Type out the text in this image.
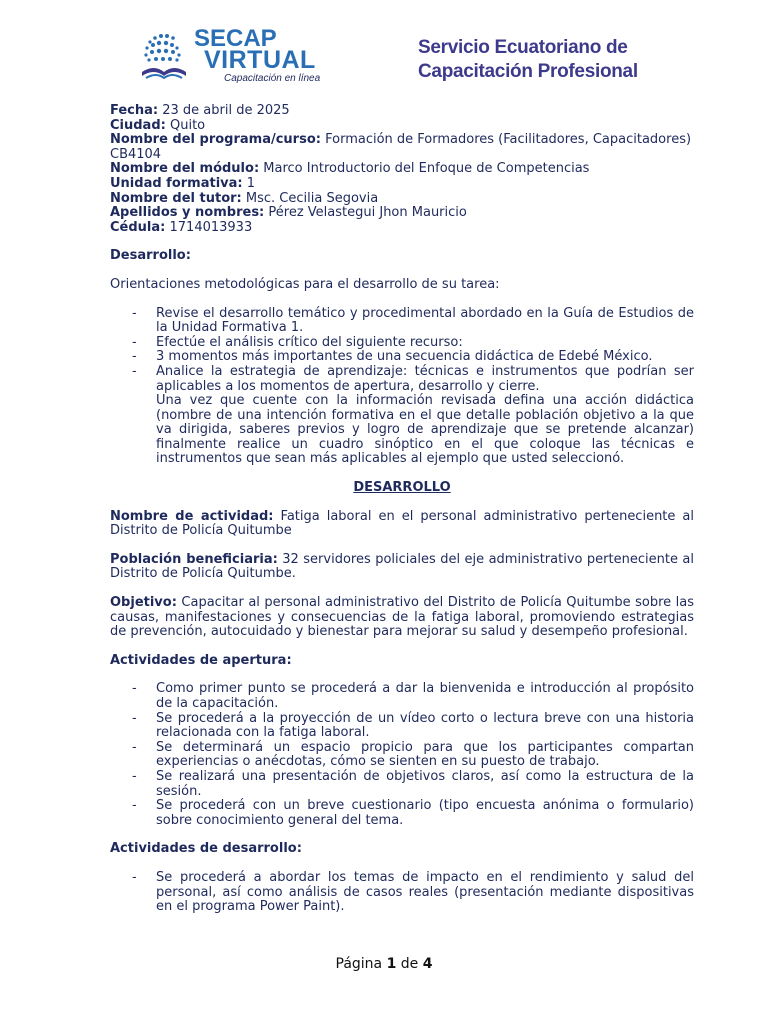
SECAP
VIRTUAL
Capacitación en línea
Servicio Ecuatoriano de
Capacitación Profesional

Fecha: 23 de abril de 2025

Ciudad: Quito

Nombre del programa/curso: Formación de Formadores (Facilitadores, Capacitadores) CB4104

Nombre del módulo: Marco Introductorio del Enfoque de Competencias

Unidad formativa: 1

Nombre del tutor: Msc. Cecilia Segovia

Apellidos y nombres: Pérez Velastegui Jhon Mauricio

Cédula: 1714013933

Desarrollo:

Orientaciones metodológicas para el desarrollo de su tarea:

- Revise el desarrollo temático y procedimental abordado en la Guía de Estudios de la Unidad Formativa 1.
- Efectúe el análisis crítico del siguiente recurso:
- 3 momentos más importantes de una secuencia didáctica de Edebé México.
- Analice la estrategia de aprendizaje: técnicas e instrumentos que podrían ser aplicables a los momentos de apertura, desarrollo y cierre.
Una vez que cuente con la información revisada defina una acción didáctica (nombre de una intención formativa en el que detalle población objetivo a la que va dirigida, saberes previos y logro de aprendizaje que se pretende alcanzar) finalmente realice un cuadro sinóptico en el que coloque las técnicas e instrumentos que sean más aplicables al ejemplo que usted seleccionó.

DESARROLLO

Nombre de actividad: Fatiga laboral en el personal administrativo perteneciente al Distrito de Policía Quitumbe

Población beneficiaria: 32 servidores policiales del eje administrativo perteneciente al Distrito de Policía Quitumbe.

Objetivo: Capacitar al personal administrativo del Distrito de Policía Quitumbe sobre las causas, manifestaciones y consecuencias de la fatiga laboral, promoviendo estrategias de prevención, autocuidado y bienestar para mejorar su salud y desempeño profesional.

Actividades de apertura:

- Como primer punto se procederá a dar la bienvenida e introducción al propósito de la capacitación.
- Se procederá a la proyección de un vídeo corto o lectura breve con una historia relacionada con la fatiga laboral.
- Se determinará un espacio propicio para que los participantes compartan experiencias o anécdotas, cómo se sienten en su puesto de trabajo.
- Se realizará una presentación de objetivos claros, así como la estructura de la sesión.
- Se procederá con un breve cuestionario (tipo encuesta anónima o formulario) sobre conocimiento general del tema.

Actividades de desarrollo:

- Se procederá a abordar los temas de impacto en el rendimiento y salud del personal, así como análisis de casos reales (presentación mediante dispositivas en el programa Power Paint).
Página 1 de 4
